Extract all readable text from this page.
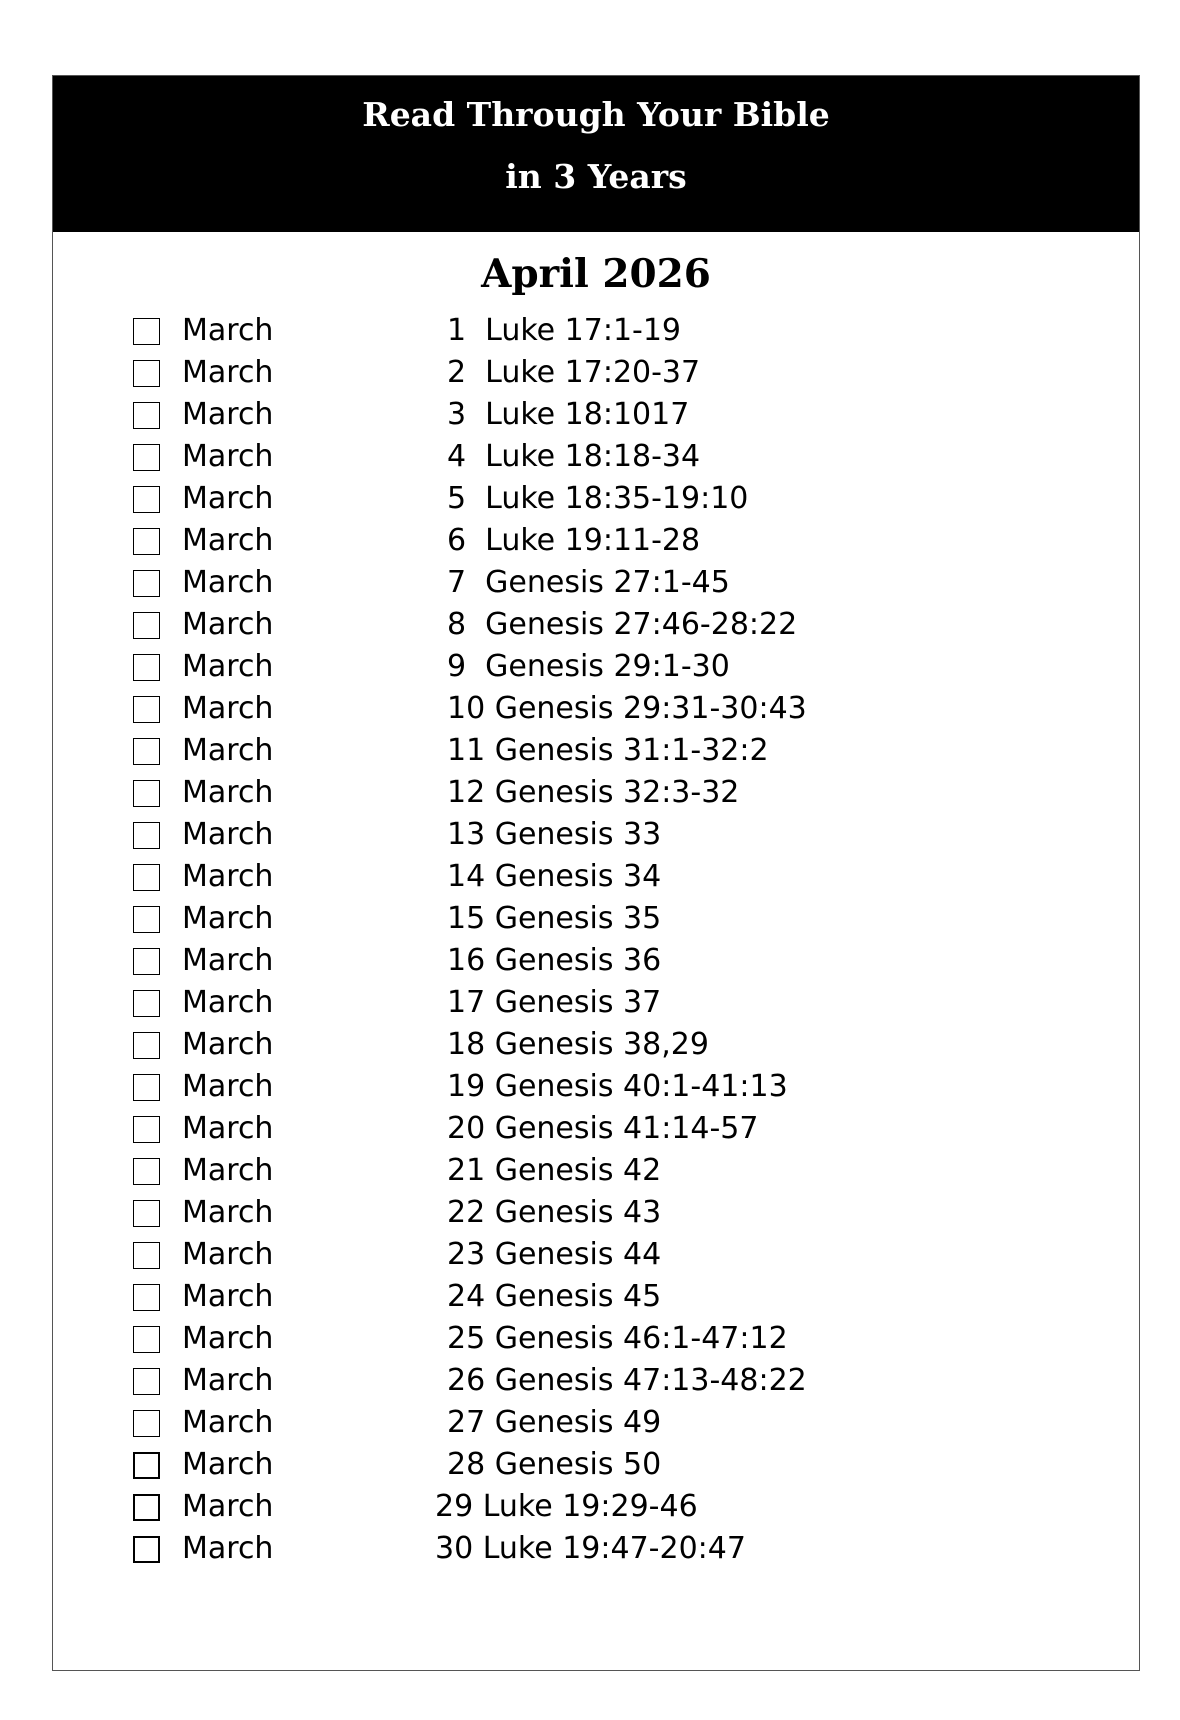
Read Through Your Bible
in 3 Years
April 2026
March	1  Luke 17:1-19
March	2  Luke 17:20-37
March	3  Luke 18:1017
March	4  Luke 18:18-34
March	5  Luke 18:35-19:10
March	6  Luke 19:11-28
March	7  Genesis 27:1-45
March	8  Genesis 27:46-28:22
March	9  Genesis 29:1-30
March	10 Genesis 29:31-30:43
March	11 Genesis 31:1-32:2
March	12 Genesis 32:3-32
March	13 Genesis 33
March	14 Genesis 34
March	15 Genesis 35
March	16 Genesis 36
March	17 Genesis 37
March	18 Genesis 38,29
March	19 Genesis 40:1-41:13
March	20 Genesis 41:14-57
March	21 Genesis 42
March	22 Genesis 43
March	23 Genesis 44
March	24 Genesis 45
March	25 Genesis 46:1-47:12
March	26 Genesis 47:13-48:22
March	27 Genesis 49
March	28 Genesis 50
March	29 Luke 19:29-46
March	30 Luke 19:47-20:47
